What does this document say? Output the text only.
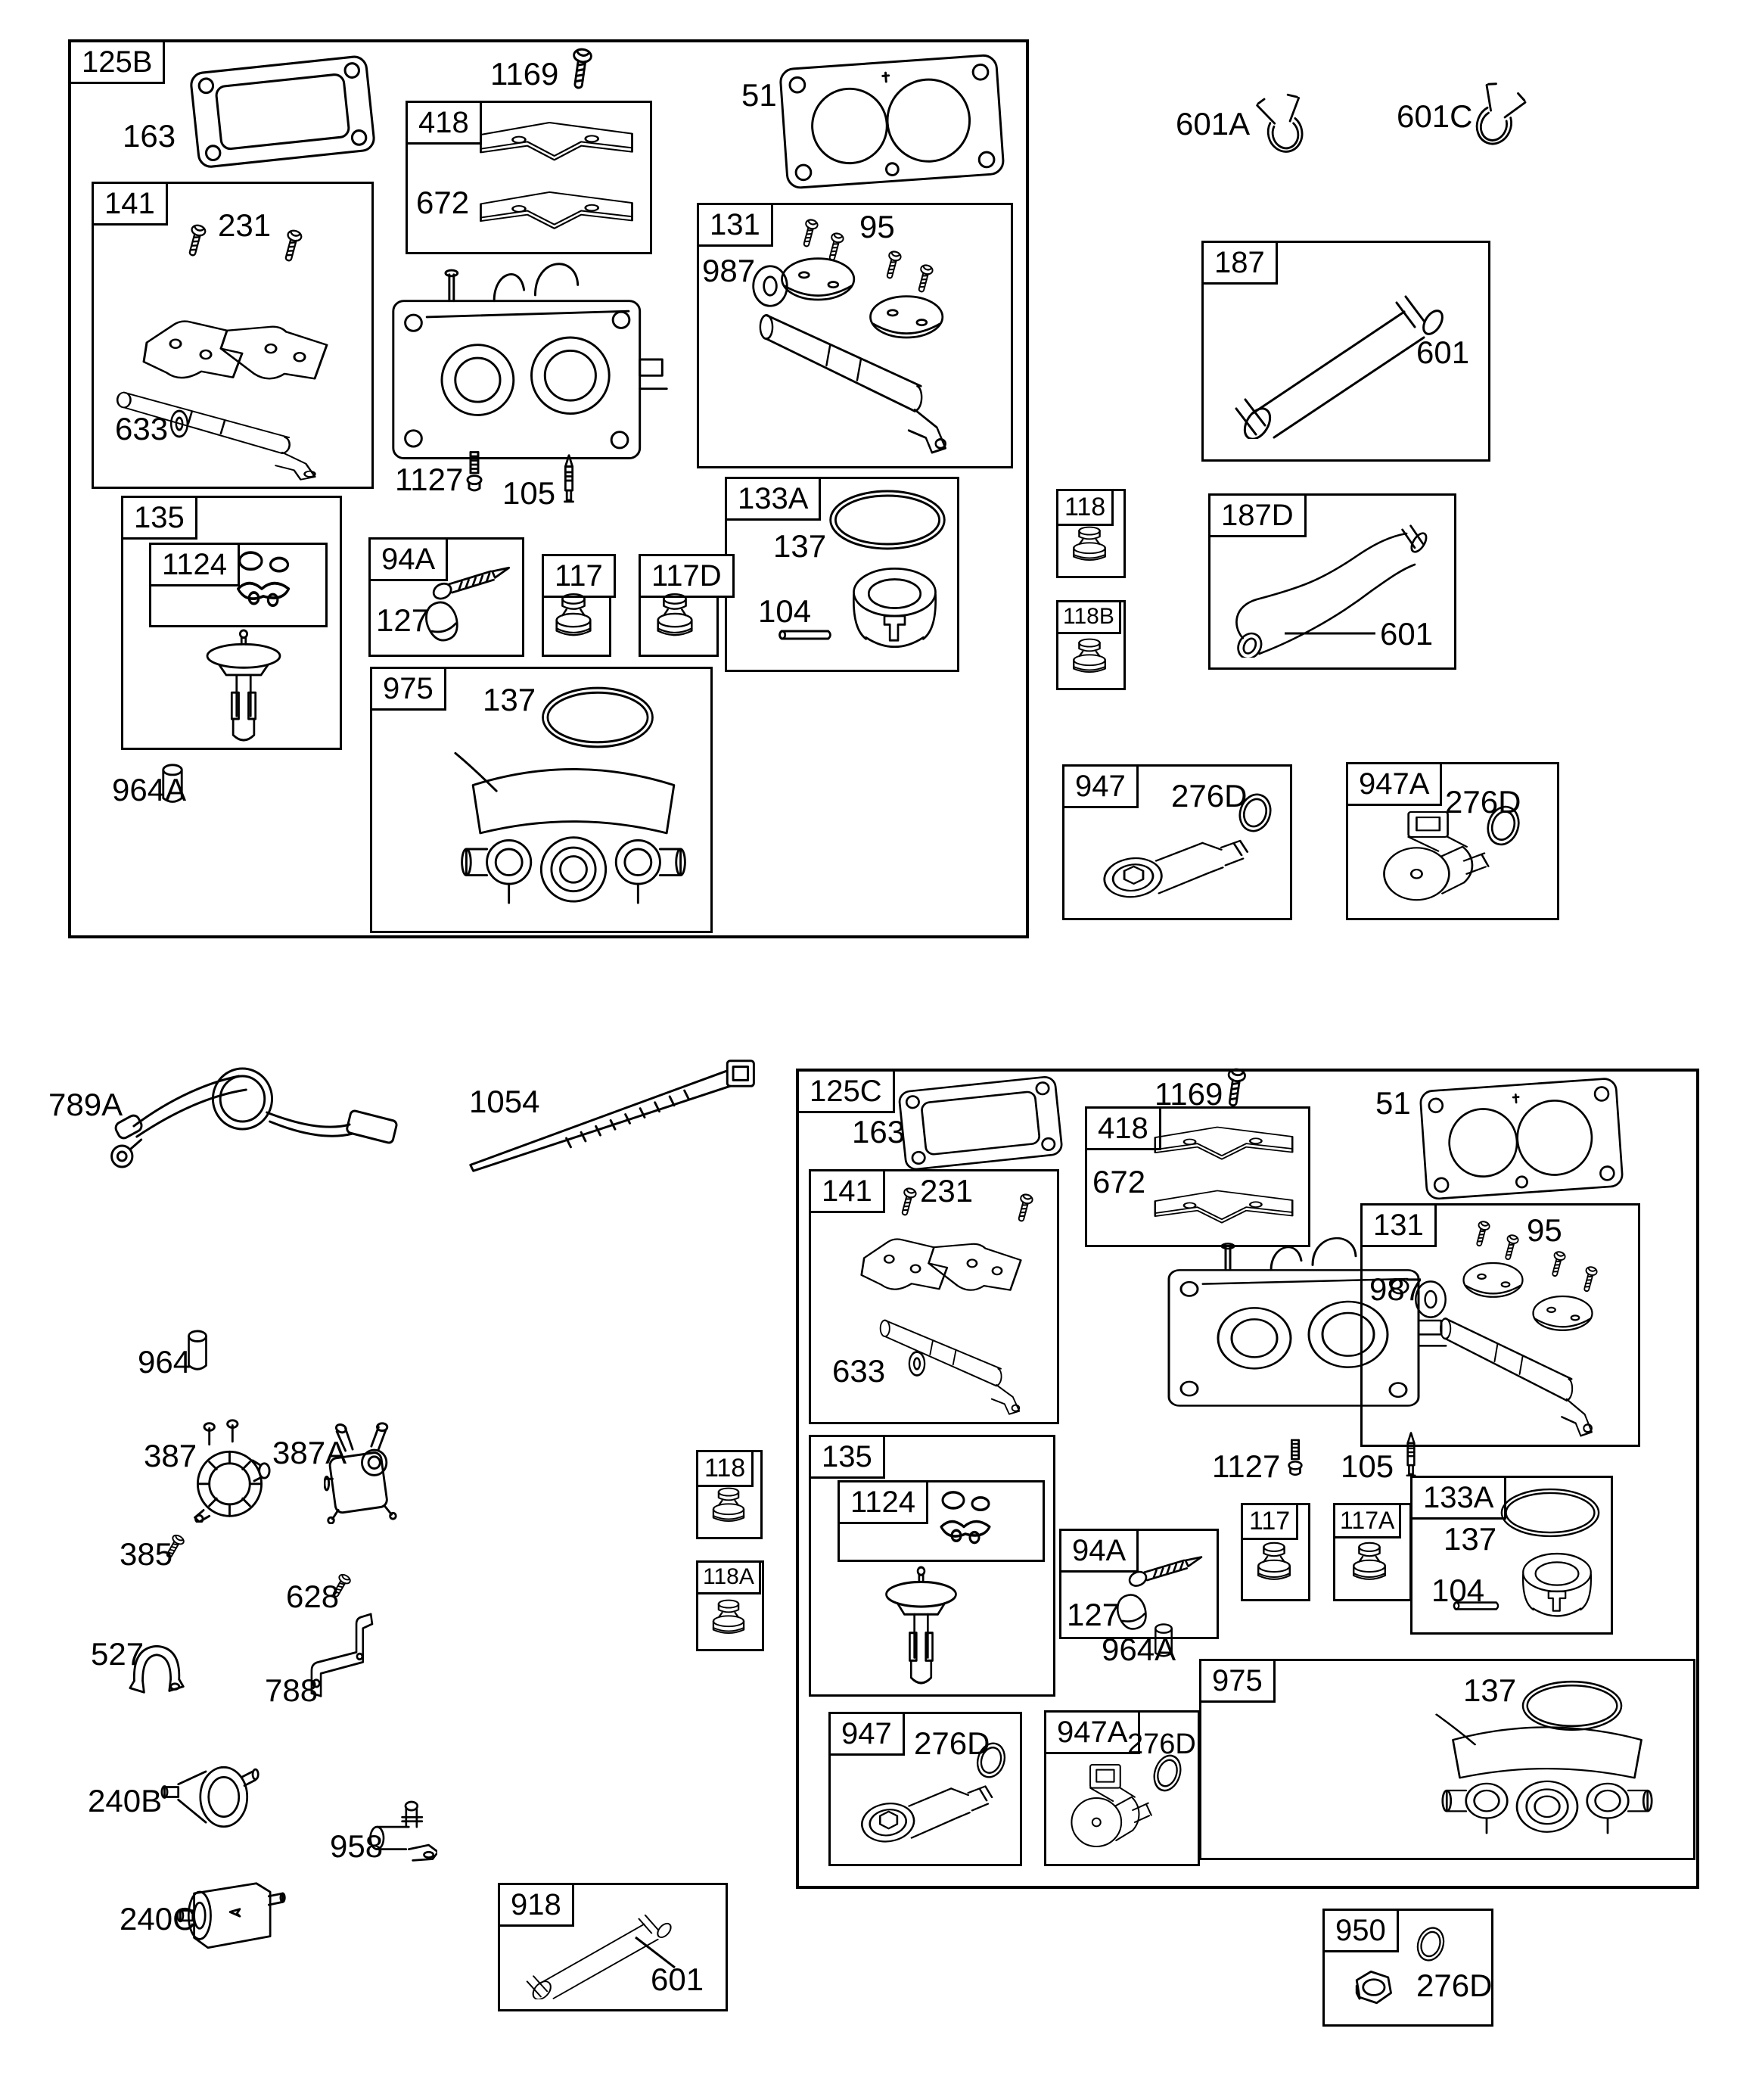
125B
418
141
131
133A
135
1124	94A	117	117D
975
187
118
118B
187D
947	947A
125C
418
141
131
135
1124
94A
117	117A
133A
947	947A
975
118
118A
918
950
163
1169
51
672
231
633
95
987
1127 105
137
104
127
137
964A
601A	601C
601
601
276D	276D
789A	1054
964
387 387A
385
628
527
788
240B
958
240C
601
163
1169	51
672
231
633
95
987
1127 105
127
137
104
964A
276D	276D
137
276D
